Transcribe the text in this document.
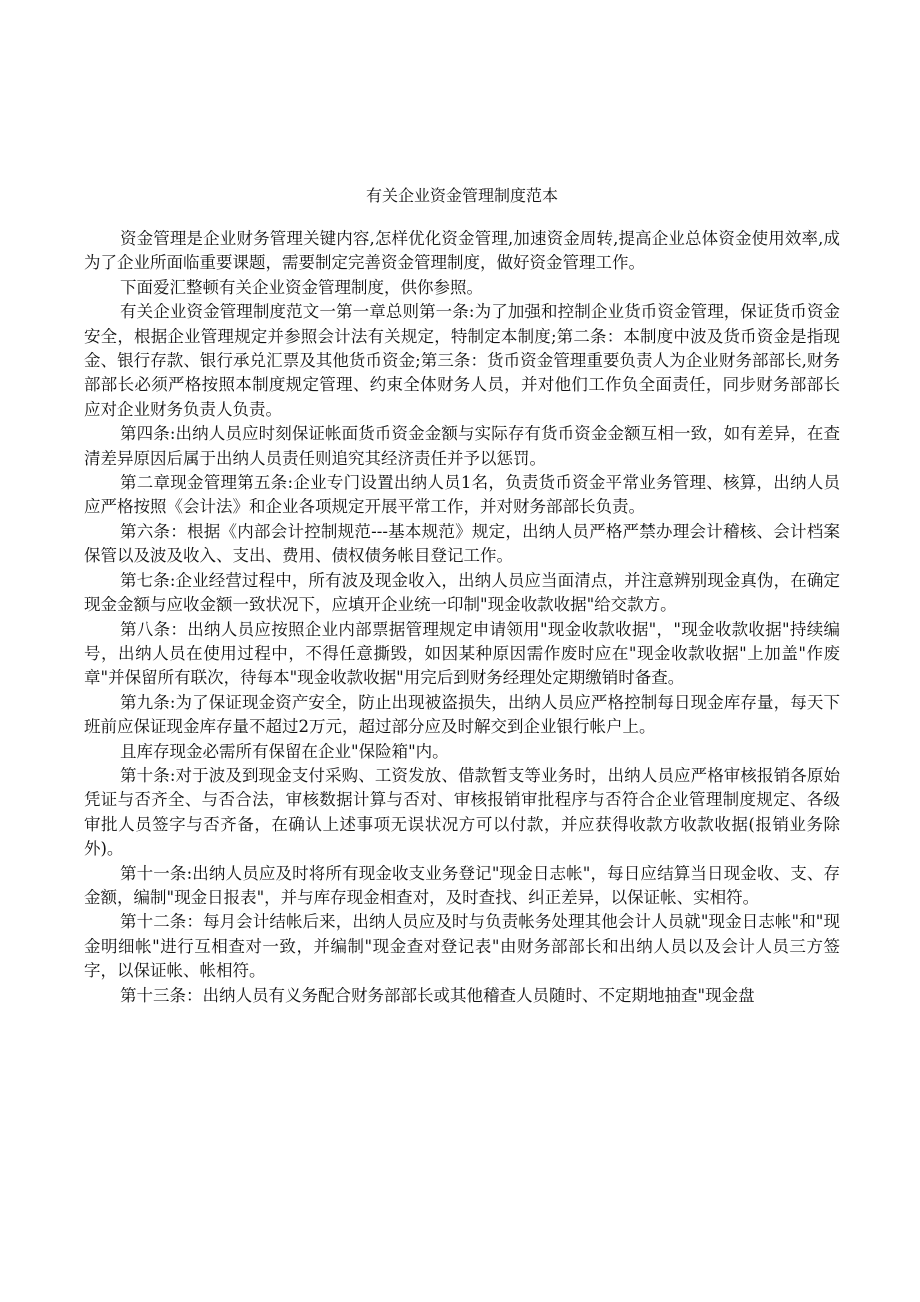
有关企业资金管理制度范本

资金管理是企业财务管理关键内容,怎样优化资金管理,加速资金周转,提高企业总体资金使用效率,成为了企业所面临重要课题，需要制定完善资金管理制度，做好资金管理工作。

下面爱汇整顿有关企业资金管理制度，供你参照。

有关企业资金管理制度范文一第一章总则第一条:为了加强和控制企业货币资金管理，保证货币资金安全，根据企业管理规定并参照会计法有关规定，特制定本制度;第二条：本制度中波及货币资金是指现金、银行存款、银行承兑汇票及其他货币资金;第三条：货币资金管理重要负责人为企业财务部部长,财务部部长必须严格按照本制度规定管理、约束全体财务人员，并对他们工作负全面责任，同步财务部部长应对企业财务负责人负责。

第四条:出纳人员应时刻保证帐面货币资金金额与实际存有货币资金金额互相一致，如有差异，在查清差异原因后属于出纳人员责任则追究其经济责任并予以惩罚。

第二章现金管理第五条:企业专门设置出纳人员1名，负责货币资金平常业务管理、核算，出纳人员应严格按照《会计法》和企业各项规定开展平常工作，并对财务部部长负责。

第六条：根据《内部会计控制规范---基本规范》规定，出纳人员严格严禁办理会计稽核、会计档案保管以及波及收入、支出、费用、债权债务帐目登记工作。

第七条:企业经营过程中，所有波及现金收入，出纳人员应当面清点，并注意辨别现金真伪，在确定现金金额与应收金额一致状况下，应填开企业统一印制"现金收款收据"给交款方。

第八条：出纳人员应按照企业内部票据管理规定申请领用"现金收款收据"，"现金收款收据"持续编号，出纳人员在使用过程中，不得任意撕毁，如因某种原因需作废时应在"现金收款收据"上加盖"作废章"并保留所有联次，待每本"现金收款收据"用完后到财务经理处定期缴销时备查。

第九条:为了保证现金资产安全，防止出现被盗损失，出纳人员应严格控制每日现金库存量，每天下班前应保证现金库存量不超过2万元，超过部分应及时解交到企业银行帐户上。

且库存现金必需所有保留在企业"保险箱"内。

第十条:对于波及到现金支付采购、工资发放、借款暂支等业务时，出纳人员应严格审核报销各原始凭证与否齐全、与否合法，审核数据计算与否对、审核报销审批程序与否符合企业管理制度规定、各级审批人员签字与否齐备，在确认上述事项无误状况方可以付款，并应获得收款方收款收据(报销业务除外)。

第十一条:出纳人员应及时将所有现金收支业务登记"现金日志帐"，每日应结算当日现金收、支、存金额，编制"现金日报表"，并与库存现金相查对，及时查找、纠正差异，以保证帐、实相符。

第十二条：每月会计结帐后来，出纳人员应及时与负责帐务处理其他会计人员就"现金日志帐"和"现金明细帐"进行互相查对一致，并编制"现金查对登记表"由财务部部长和出纳人员以及会计人员三方签字，以保证帐、帐相符。

第十三条：出纳人员有义务配合财务部部长或其他稽查人员随时、不定期地抽查"现金盘
